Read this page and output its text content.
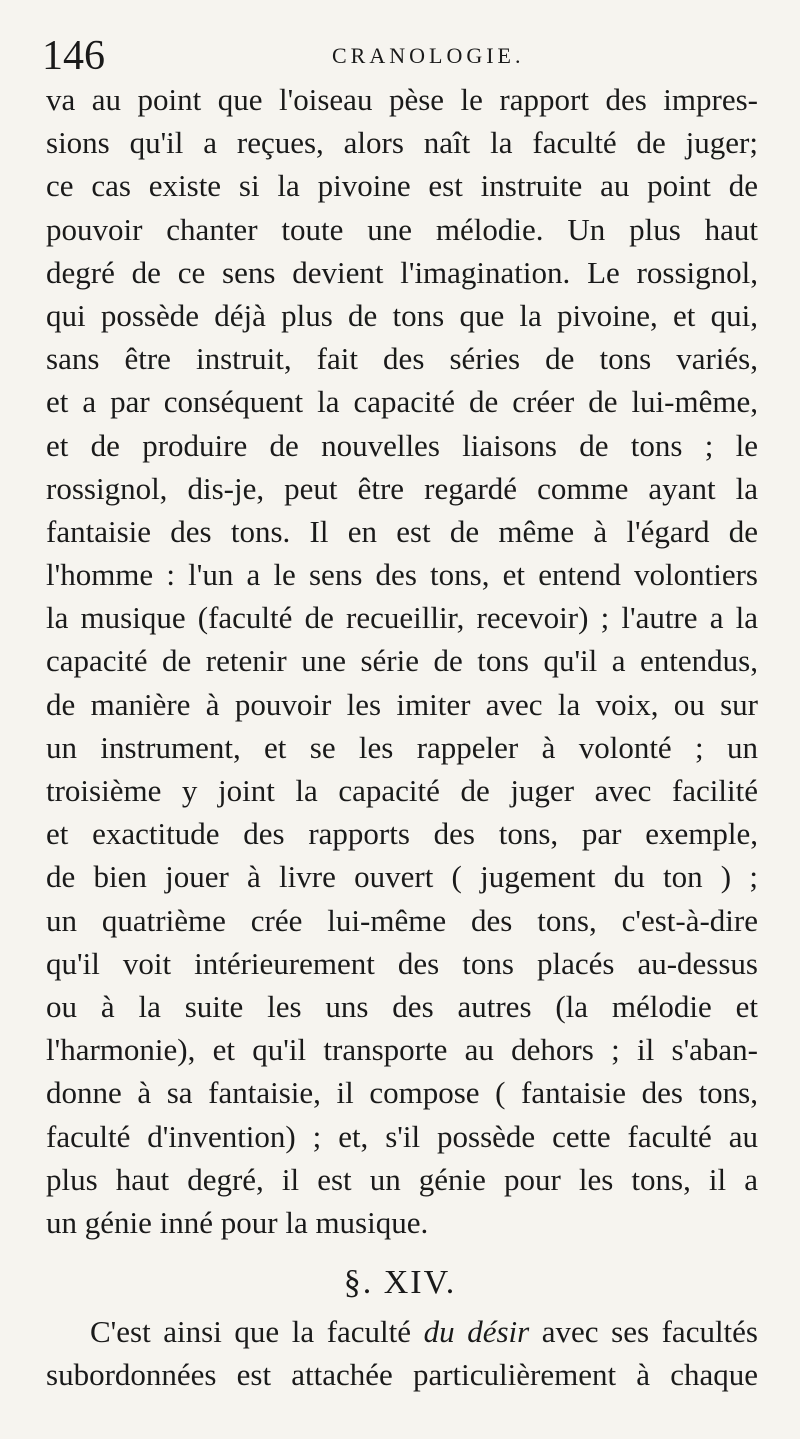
146	CRANOLOGIE.
va au point que l'oiseau pèse le rapport des impres-
sions qu'il a reçues, alors naît la faculté de juger;
ce cas existe si la pivoine est instruite au point de
pouvoir chanter toute une mélodie. Un plus haut
degré de ce sens devient l'imagination. Le rossignol,
qui possède déjà plus de tons que la pivoine, et qui,
sans être instruit, fait des séries de tons variés,
et a par conséquent la capacité de créer de lui-même,
et de produire de nouvelles liaisons de tons ; le
rossignol, dis-je, peut être regardé comme ayant la
fantaisie des tons. Il en est de même à l'égard de
l'homme : l'un a le sens des tons, et entend volontiers
la musique (faculté de recueillir, recevoir) ; l'autre a la
capacité de retenir une série de tons qu'il a entendus,
de manière à pouvoir les imiter avec la voix, ou sur
un instrument, et se les rappeler à volonté ; un
troisième y joint la capacité de juger avec facilité
et exactitude des rapports des tons, par exemple,
de bien jouer à livre ouvert ( jugement du ton ) ;
un quatrième crée lui-même des tons, c'est-à-dire
qu'il voit intérieurement des tons placés au-dessus
ou à la suite les uns des autres (la mélodie et
l'harmonie), et qu'il transporte au dehors ; il s'aban-
donne à sa fantaisie, il compose ( fantaisie des tons,
faculté d'invention) ; et, s'il possède cette faculté au
plus haut degré, il est un génie pour les tons, il a
un génie inné pour la musique.
§. XIV.
C'est ainsi que la faculté du désir avec ses facultés
subordonnées est attachée particulièrement à chaque
